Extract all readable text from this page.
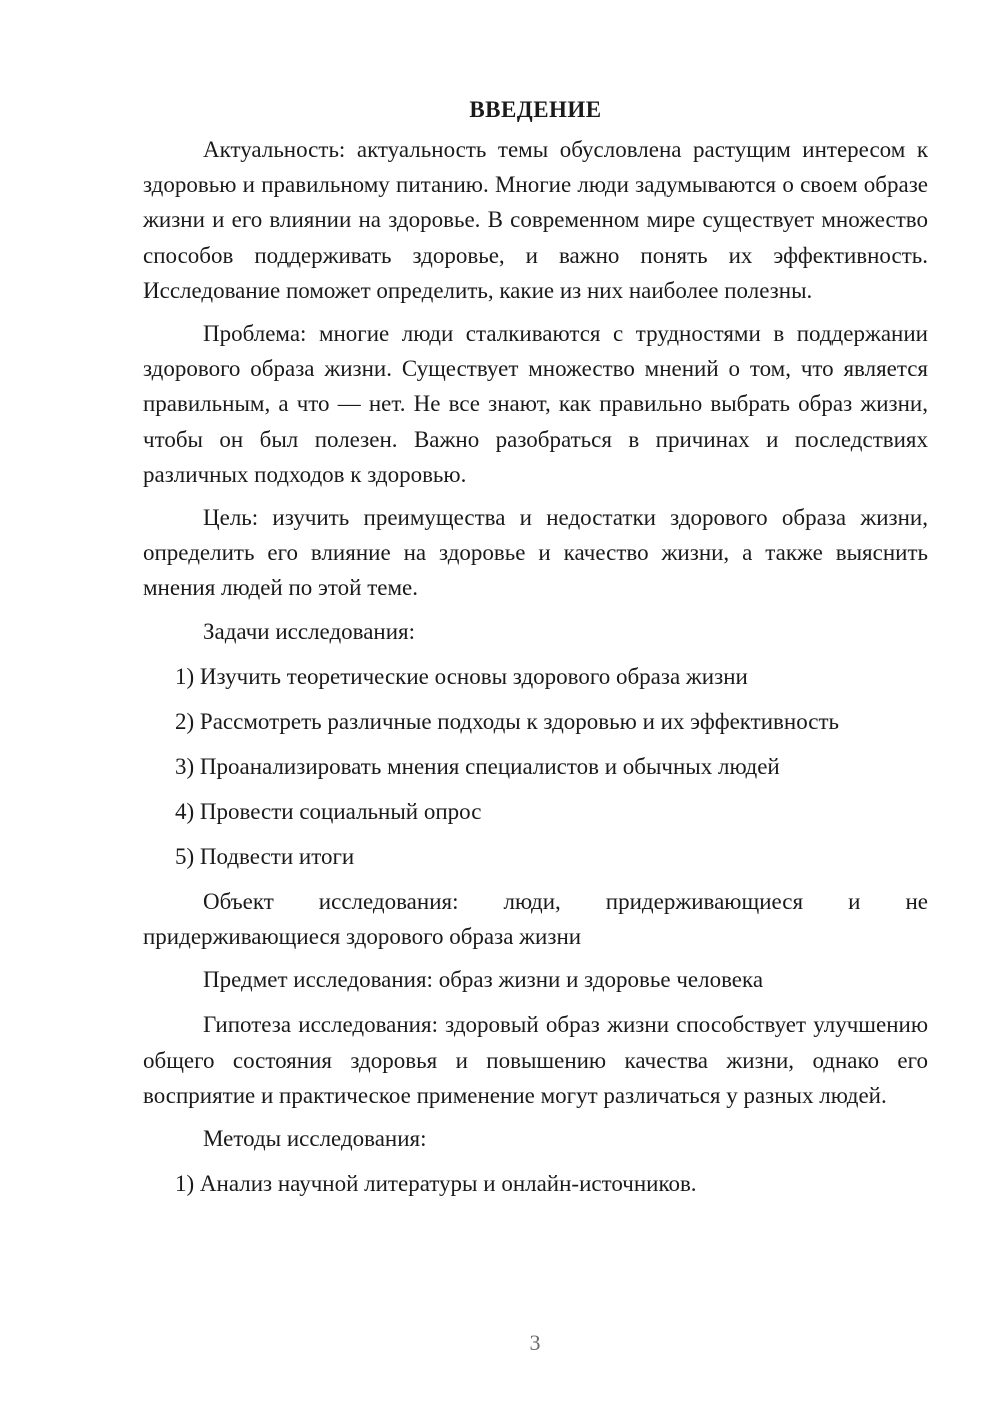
ВВЕДЕНИЕ

Актуальность: актуальность темы обусловлена растущим интересом к здоровью и правильному питанию. Многие люди задумываются о своем образе жизни и его влиянии на здоровье. В современном мире существует множество способов поддерживать здоровье, и важно понять их эффективность. Исследование поможет определить, какие из них наиболее полезны.

Проблема: многие люди сталкиваются с трудностями в поддержании здорового образа жизни. Существует множество мнений о том, что является правильным, а что — нет. Не все знают, как правильно выбрать образ жизни, чтобы он был полезен. Важно разобраться в причинах и последствиях различных подходов к здоровью.

Цель: изучить преимущества и недостатки здорового образа жизни, определить его влияние на здоровье и качество жизни, а также выяснить мнения людей по этой теме.

Задачи исследования:

1) Изучить теоретические основы здорового образа жизни
2) Рассмотреть различные подходы к здоровью и их эффективность
3) Проанализировать мнения специалистов и обычных людей
4) Провести социальный опрос
5) Подвести итоги

Объект исследования: люди, придерживающиеся и не придерживающиеся здорового образа жизни

Предмет исследования: образ жизни и здоровье человека

Гипотеза исследования: здоровый образ жизни способствует улучшению общего состояния здоровья и повышению качества жизни, однако его восприятие и практическое применение могут различаться у разных людей.

Методы исследования:

1) Анализ научной литературы и онлайн-источников.
3
